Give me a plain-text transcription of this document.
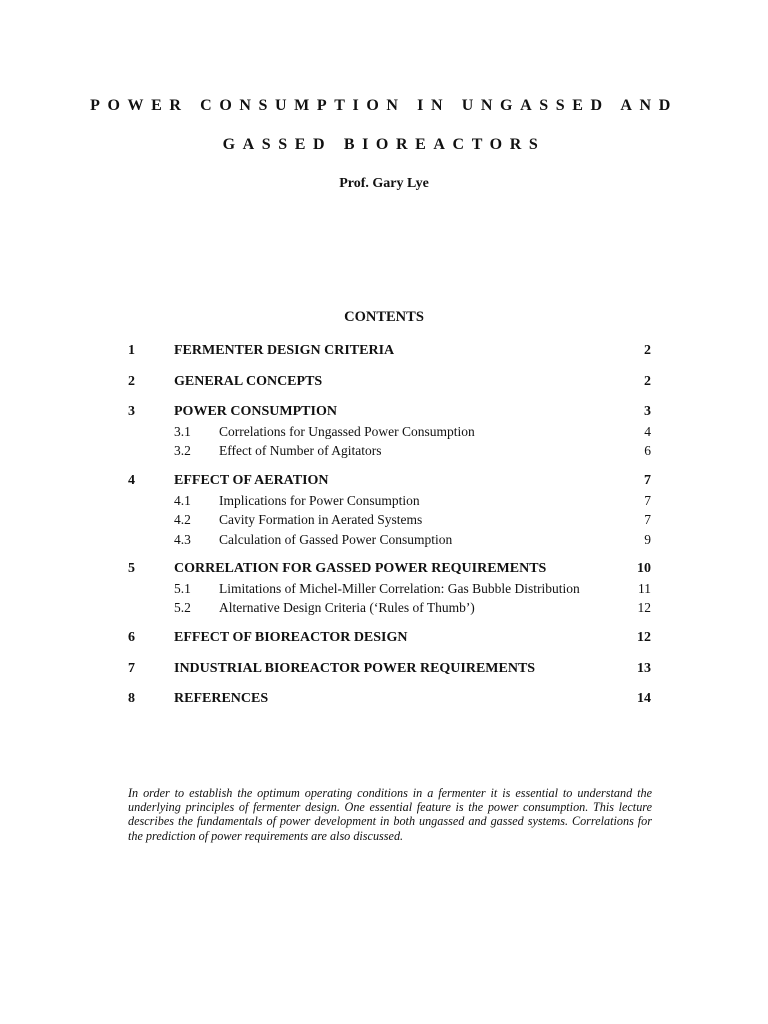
POWER CONSUMPTION IN UNGASSED AND
GASSED BIOREACTORS
Prof. Gary Lye
CONTENTS
1	FERMENTER DESIGN CRITERIA	2
2	GENERAL CONCEPTS	2
3	POWER CONSUMPTION	3
3.1 Correlations for Ungassed Power Consumption	4
3.2 Effect of Number of Agitators	6
4	EFFECT OF AERATION	7
4.1 Implications for Power Consumption	7
4.2 Cavity Formation in Aerated Systems	7
4.3 Calculation of Gassed Power Consumption	9
5	CORRELATION FOR GASSED POWER REQUIREMENTS	10
5.1 Limitations of Michel-Miller Correlation: Gas Bubble Distribution	11
5.2 Alternative Design Criteria (‘Rules of Thumb’)	12
6	EFFECT OF BIOREACTOR DESIGN	12
7	INDUSTRIAL BIOREACTOR POWER REQUIREMENTS	13
8	REFERENCES	14
In order to establish the optimum operating conditions in a fermenter it is essential to understand the underlying principles of fermenter design. One essential feature is the power consumption. This lecture describes the fundamentals of power development in both ungassed and gassed systems. Correlations for the prediction of power requirements are also discussed.
